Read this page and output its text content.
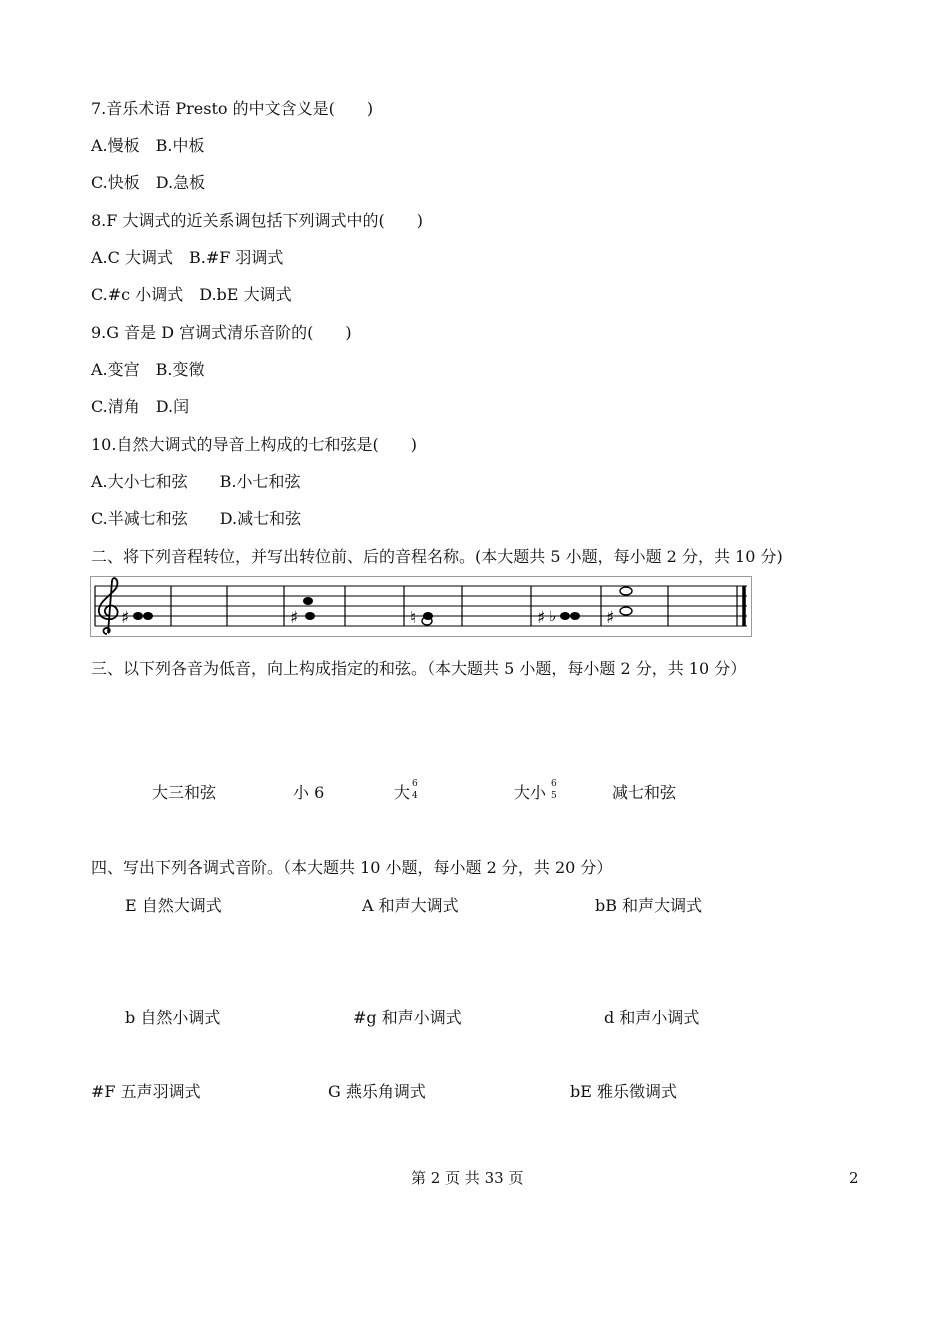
7.音乐术语 Presto 的中文含义是(　　)
A.慢板　B.中板
C.快板　D.急板
8.F 大调式的近关系调包括下列调式中的(　　)
A.C 大调式　B.#F 羽调式
C.#c 小调式　D.bE 大调式
9.G 音是 D 宫调式清乐音阶的(　　)
A.变宫　B.变徵
C.清角　D.闰
10.自然大调式的导音上构成的七和弦是(　　)
A.大小七和弦　　B.小七和弦
C.半减七和弦　　D.减七和弦
二、将下列音程转位，并写出转位前、后的音程名称。(本大题共 5 小题，每小题 2 分，共 10 分)
♯	♯	♮	♯ ♭	♯
三、以下列各音为低音，向上构成指定的和弦。（本大题共 5 小题，每小题 2 分，共 10 分）
大三和弦	小 6	大 6
4	大小 6
5	减七和弦
四、写出下列各调式音阶。（本大题共 10 小题，每小题 2 分，共 20 分）
E 自然大调式	A 和声大调式	bB 和声大调式
b 自然小调式	#g 和声小调式	d 和声小调式
#F 五声羽调式	G 燕乐角调式	bE 雅乐徵调式
第 2 页 共 33 页	2
